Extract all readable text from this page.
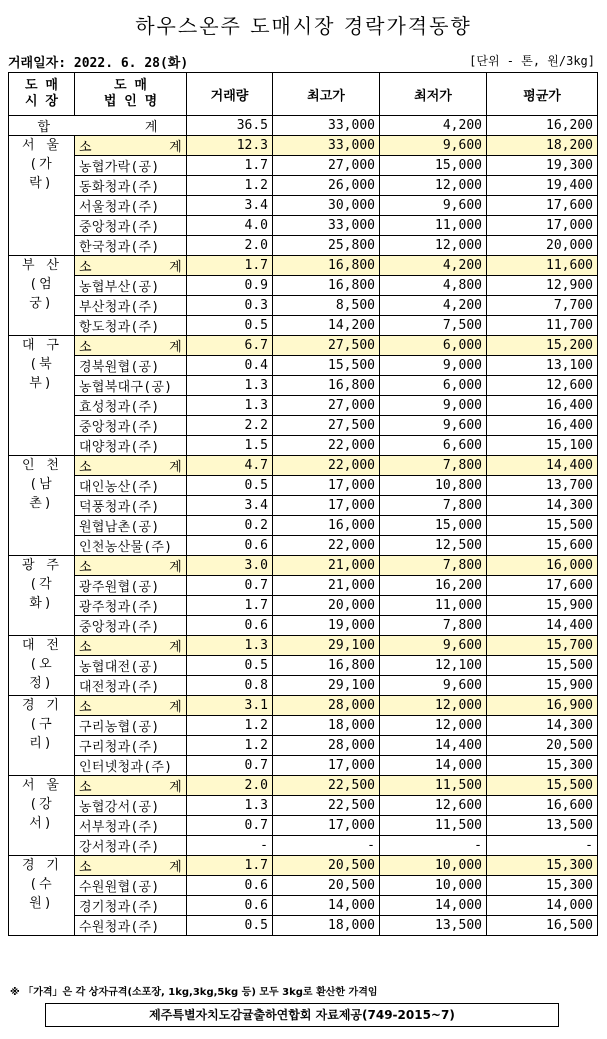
하우스온주 도매시장 경락가격동향
거래일자: 2022. 6. 28(화)	[단위 - 톤, 원/3kg]
도 매
시 장	도 매
법 인 명	거래량	최고가	최저가	평균가
합 계		36.5	33,000	4,200	16,200
서 울
(가 락)	소 계	12.3	33,000	9,600	18,200
	농협가락(공)	1.7	27,000	15,000	19,300
	동화청과(주)	1.2	26,000	12,000	19,400
	서울청과(주)	3.4	30,000	9,600	17,600
	중앙청과(주)	4.0	33,000	11,000	17,000
	한국청과(주)	2.0	25,800	12,000	20,000
부 산
(엄 궁)	소 계	1.7	16,800	4,200	11,600
	농협부산(공)	0.9	16,800	4,800	12,900
	부산청과(주)	0.3	8,500	4,200	7,700
	항도청과(주)	0.5	14,200	7,500	11,700
대 구
(북 부)	소 계	6.7	27,500	6,000	15,200
	경북원협(공)	0.4	15,500	9,000	13,100
	농협북대구(공)	1.3	16,800	6,000	12,600
	효성청과(주)	1.3	27,000	9,000	16,400
	중앙청과(주)	2.2	27,500	9,600	16,400
	대양청과(주)	1.5	22,000	6,600	15,100
인 천
(남 촌)	소 계	4.7	22,000	7,800	14,400
	대인농산(주)	0.5	17,000	10,800	13,700
	덕풍청과(주)	3.4	17,000	7,800	14,300
	원협남촌(공)	0.2	16,000	15,000	15,500
	인천농산물(주)	0.6	22,000	12,500	15,600
광 주
(각 화)	소 계	3.0	21,000	7,800	16,000
	광주원협(공)	0.7	21,000	16,200	17,600
	광주청과(주)	1.7	20,000	11,000	15,900
	중앙청과(주)	0.6	19,000	7,800	14,400
대 전
(오 정)	소 계	1.3	29,100	9,600	15,700
	농협대전(공)	0.5	16,800	12,100	15,500
	대전청과(주)	0.8	29,100	9,600	15,900
경 기
(구 리)	소 계	3.1	28,000	12,000	16,900
	구리농협(공)	1.2	18,000	12,000	14,300
	구리청과(주)	1.2	28,000	14,400	20,500
	인터넷청과(주)	0.7	17,000	14,000	15,300
서 울
(강 서)	소 계	2.0	22,500	11,500	15,500
	농협강서(공)	1.3	22,500	12,600	16,600
	서부청과(주)	0.7	17,000	11,500	13,500
	강서청과(주)	-	-	-	-
경 기
(수 원)	소 계	1.7	20,500	10,000	15,300
	수원원협(공)	0.6	20,500	10,000	15,300
	경기청과(주)	0.6	14,000	14,000	14,000
	수원청과(주)	0.5	18,000	13,500	16,500
※ 「가격」은 각 상자규격(소포장, 1kg,3kg,5kg 등) 모두 3kg로 환산한 가격임
제주특별자치도감귤출하연합회 자료제공(749-2015~7)
